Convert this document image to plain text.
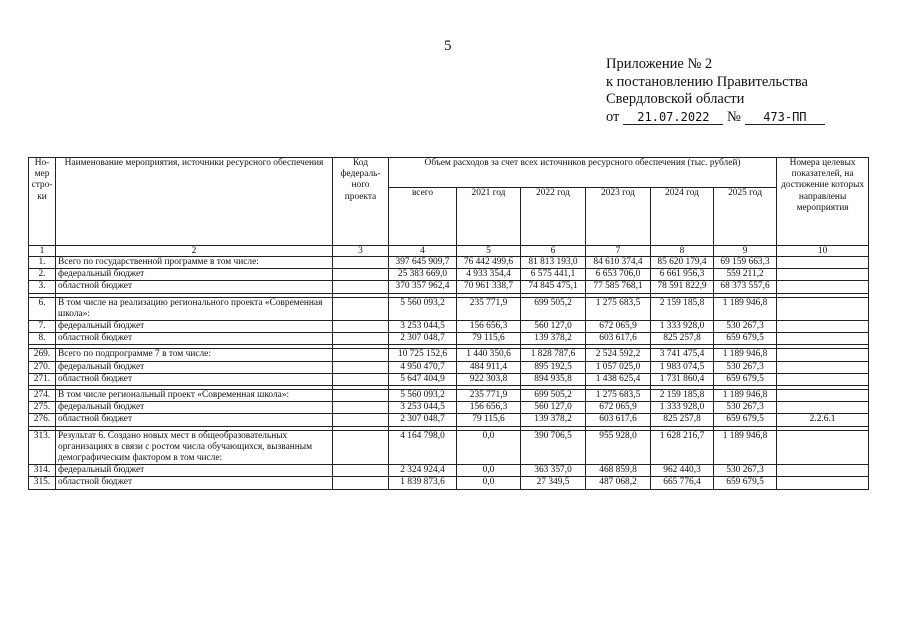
5
Приложение № 2
к постановлению Правительства
Свердловской области
от 21.07.2022 № 473-ПП
Но-мер стро-ки	Наименование мероприятия, источники ресурсного обеспечения	Код федераль-ного проекта	Объем расходов за счет всех источников ресурсного обеспечения (тыс. рублей)						Номера целевых показателей, на достижение которых направлены мероприятия
			всего	2021 год	2022 год	2023 год	2024 год	2025 год	
1	2	3	4	5	6	7	8	9	10
1.	Всего по государственной программе в том числе:		397 645 909,7	76 442 499,6	81 813 193,0	84 610 374,4	85 620 179,4	69 159 663,3	
2.	федеральный бюджет		25 383 669,0	4 933 354,4	6 575 441,1	6 653 706,0	6 661 956,3	559 211,2	
3.	областной бюджет		370 357 962,4	70 961 338,7	74 845 475,1	77 585 768,1	78 591 822,9	68 373 557,6	

6.	В том числе на реализацию регионального проекта «Современная школа»:		5 560 093,2	235 771,9	699 505,2	1 275 683,5	2 159 185,8	1 189 946,8	
7.	федеральный бюджет		3 253 044,5	156 656,3	560 127,0	672 065,9	1 333 928,0	530 267,3	
8.	областной бюджет		2 307 048,7	79 115,6	139 378,2	603 617,6	825 257,8	659 679,5	

269.	Всего по подпрограмме 7 в том числе:		10 725 152,6	1 440 350,6	1 828 787,6	2 524 592,2	3 741 475,4	1 189 946,8	
270.	федеральный бюджет		4 950 470,7	484 911,4	895 192,5	1 057 025,0	1 983 074,5	530 267,3	
271.	областной бюджет		5 647 404,9	922 303,8	894 935,8	1 438 625,4	1 731 860,4	659 679,5	

274.	В том числе региональный проект «Современная школа»:		5 560 093,2	235 771,9	699 505,2	1 275 683,5	2 159 185,8	1 189 946,8	
275.	федеральный бюджет		3 253 044,5	156 656,3	560 127,0	672 065,9	1 333 928,0	530 267,3	
276.	областной бюджет		2 307 048,7	79 115,6	139 378,2	603 617,6	825 257,8	659 679,5	2.2.6.1

313.	Результат 6. Создано новых мест в общеобразовательных организациях в связи с ростом числа обучающихся, вызванным демографическим фактором в том числе:		4 164 798,0	0,0	390 706,5	955 928,0	1 628 216,7	1 189 946,8	
314.	федеральный бюджет		2 324 924,4	0,0	363 357,0	468 859,8	962 440,3	530 267,3	
315.	областной бюджет		1 839 873,6	0,0	27 349,5	487 068,2	665 776,4	659 679,5	
